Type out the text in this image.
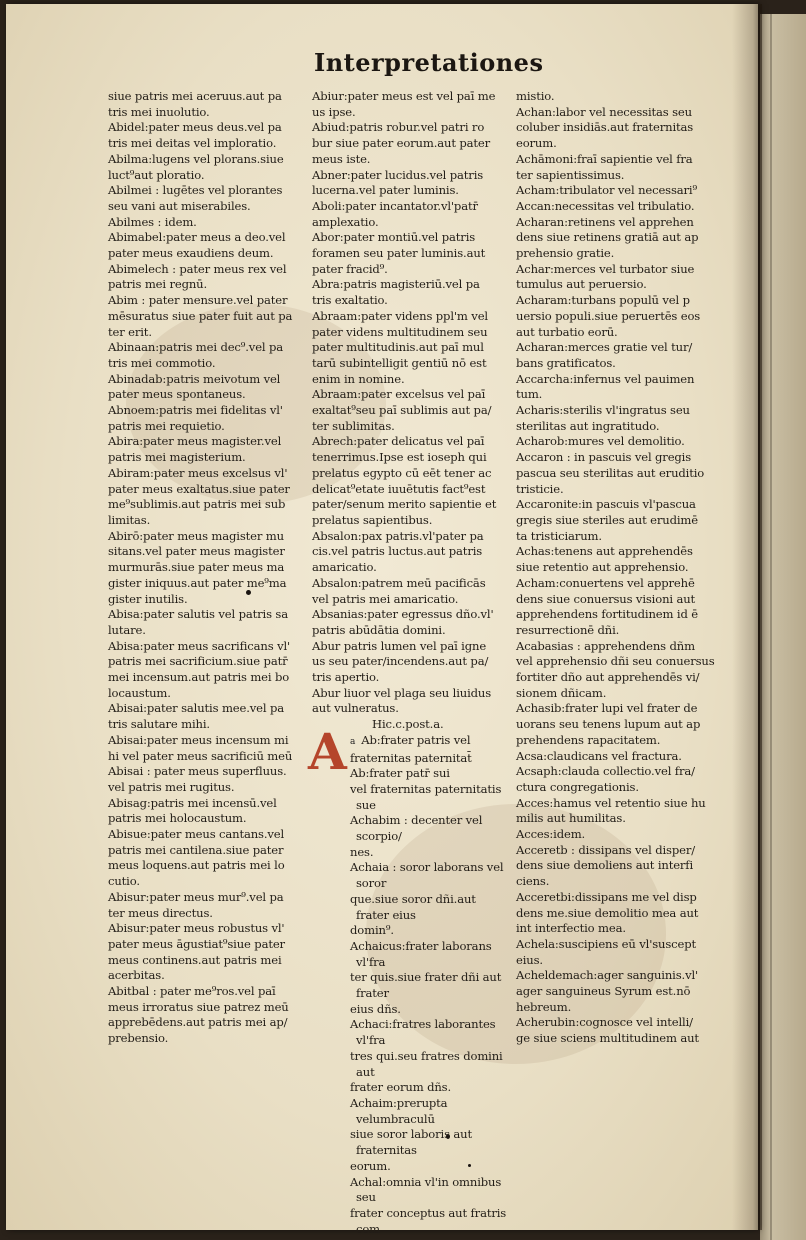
Interpretationes

siue patris mei aceruus.aut pa

tris mei inuolutio.

Abidel:pater meus deus.vel pa

tris mei deitas vel imploratio.

Abilma:lugens vel plorans.siue

luct⁹aut ploratio.

Abilmei : lugētes vel plorantes

seu vani aut miserabiles.

Abilmes : idem.

Abimabel:pater meus a deo.vel

pater meus exaudiens deum.

Abimelech : pater meus rex vel

patris mei regnū.

Abim : pater mensure.vel pater

mēsuratus siue pater fuit aut pa

ter erit.

Abinaan:patris mei dec⁹.vel pa

tris mei commotio.

Abinadab:patris meivotum vel

pater meus spontaneus.

Abnoem:patris mei fidelitas vl'

patris mei requietio.

Abira:pater meus magister.vel

patris mei magisterium.

Abiram:pater meus excelsus vl'

pater meus exaltatus.siue pater

me⁹sublimis.aut patris mei sub

limitas.

Abirō:pater meus magister mu

sitans.vel pater meus magister

murmurās.siue pater meus ma

gister iniquus.aut pater me⁹ma

gister inutilis.

Abisa:pater salutis vel patris sa

lutare.

Abisa:pater meus sacrificans vl'

patris mei sacrificium.siue patr̄

mei incensum.aut patris mei bo

locaustum.

Abisai:pater salutis mee.vel pa

tris salutare mihi.

Abisai:pater meus incensum mi

hi vel pater meus sacrificiū meū

Abisai : pater meus superfluus.

vel patris mei rugitus.

Abisag:patris mei incensū.vel

patris mei holocaustum.

Abisue:pater meus cantans.vel

patris mei cantilena.siue pater

meus loquens.aut patris mei lo

cutio.

Abisur:pater meus mur⁹.vel pa

ter meus directus.

Abisur:pater meus robustus vl'

pater meus āgustiat⁹siue pater

meus continens.aut patris mei

acerbitas.

Abitbal : pater me⁹ros.vel paī

meus irroratus siue patrez meū

apprebēdens.aut patris mei ap/

prebensio.

Abiur:pater meus est vel paī me

us ipse.

Abiud:patris robur.vel patri ro

bur siue pater eorum.aut pater

meus iste.

Abner:pater lucidus.vel patris

lucerna.vel pater luminis.

Aboli:pater incantator.vl'patr̄

amplexatio.

Abor:pater montiū.vel patris

foramen seu pater luminis.aut

pater fracid⁹.

Abra:patris magisteriū.vel pa

tris exaltatio.

Abraam:pater videns ppl'm vel

pater videns multitudinem seu

pater multitudinis.aut paī mul

tarū subintelligit gentiū nō est

enim in nomine.

Abraam:pater excelsus vel paī

exaltat⁹seu paī sublimis aut pa/

ter sublimitas.

Abrech:pater delicatus vel paī

tenerrimus.Ipse est ioseph qui

prelatus egypto cū eēt tener ac

delicat⁹etate iuuētutis fact⁹est

pater/senum merito sapientie et

prelatus sapientibus.

Absalon:pax patris.vl'pater pa

cis.vel patris luctus.aut patris

amaricatio.

Absalon:patrem meū pacificās

vel patris mei amaricatio.

Absanias:pater egressus dño.vl'

patris abūdātia domini.

Abur patris lumen vel paī igne

us seu pater/incendens.aut pa/

tris apertio.

Abur liuor vel plaga seu liuidus

aut vulneratus.

Hic.c.post.a.

A a Ab:frater patris vel

fraternitas paternitat̄

Ab:frater patr̄ sui

vel fraternitas paternitatis sue

Achabim : decenter vel scorpio/

nes.

Achaia : soror laborans vel soror

que.siue soror dñi.aut frater eius

domin⁹.

Achaicus:frater laborans vl'fra

ter quis.siue frater dñi aut frater

eius dñs.

Achaci:fratres laborantes vl'fra

tres qui.seu fratres domini aut

frater eorum dñs.

Achaim:prerupta velumbraculū

siue soror laboris aut fraternitas

eorum.

Achal:omnia vl'in omnibus seu

frater conceptus aut fratris com

mistio.

Achan:labor vel necessitas seu

coluber insidiās.aut fraternitas

eorum.

Achāmoni:fraī sapientie vel fra

ter sapientissimus.

Acham:tribulator vel necessari⁹

Accan:necessitas vel tribulatio.

Acharan:retinens vel apprehen

dens siue retinens gratiā aut ap

prehensio gratie.

Achar:merces vel turbator siue

tumulus aut peruersio.

Acharam:turbans populū vel p

uersio populi.siue peruertēs eos

aut turbatio eorū.

Acharan:merces gratie vel tur/

bans gratificatos.

Accarcha:infernus vel pauimen

tum.

Acharis:sterilis vl'ingratus seu

sterilitas aut ingratitudo.

Acharob:mures vel demolitio.

Accaron : in pascuis vel gregis

pascua seu sterilitas aut eruditio

tristicie.

Accaronite:in pascuis vl'pascua

gregis siue steriles aut erudimē

ta tristiciarum.

Achas:tenens aut apprehendēs

siue retentio aut apprehensio.

Acham:conuertens vel apprehē

dens siue conuersus visioni aut

apprehendens fortitudinem id ē

resurrectionē dñi.

Acabasias : apprehendens dñm

vel apprehensio dñi seu conuersus

fortiter dño aut apprehendēs vi/

sionem dñicam.

Achasib:frater lupi vel frater de

uorans seu tenens lupum aut ap

prehendens rapacitatem.

Acsa:claudicans vel fractura.

Acsaph:clauda collectio.vel fra/

ctura congregationis.

Acces:hamus vel retentio siue hu

milis aut humilitas.

Acces:idem.

Acceretb : dissipans vel disper/

dens siue demoliens aut interfi

ciens.

Acceretbi:dissipans me vel disp

dens me.siue demolitio mea aut

int interfectio mea.

Achela:suscipiens eū vl'suscept

eius.

Acheldemach:ager sanguinis.vl'

ager sanguineus Syrum est.nō

hebreum.

Acherubin:cognosce vel intelli/

ge siue sciens multitudinem aut
